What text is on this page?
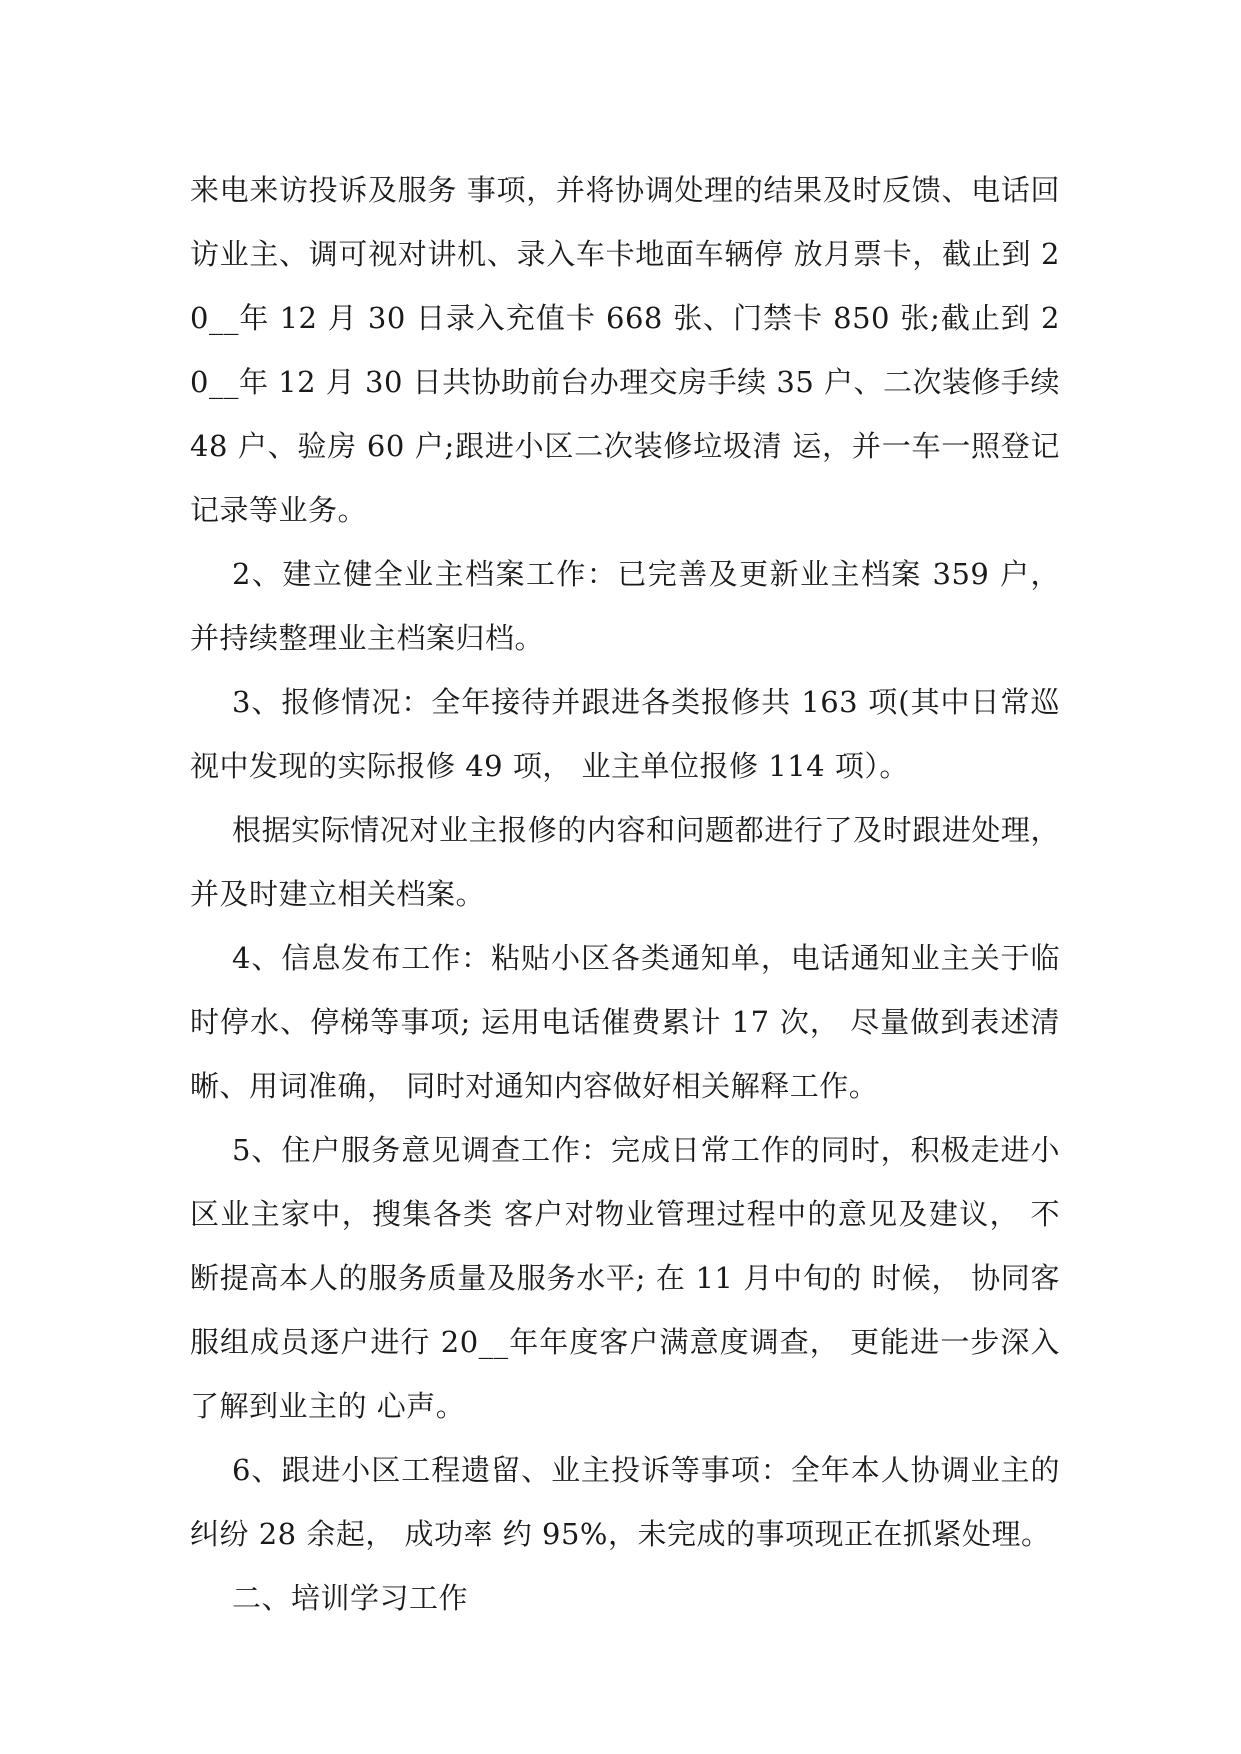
来电来访投诉及服务 事项，并将协调处理的结果及时反馈、电话回访业主、调可视对讲机、录入车卡地面车辆停 放月票卡，截止到 20__年 12 月 30 日录入充值卡 668 张、门禁卡 850 张;截止到 20__年 12 月 30 日共协助前台办理交房手续 35 户、二次装修手续 48 户、验房 60 户;跟进小区二次装修垃圾清 运，并一车一照登记记录等业务。

2、建立健全业主档案工作：已完善及更新业主档案 359 户，并持续整理业主档案归档。

3、报修情况：全年接待并跟进各类报修共 163 项(其中日常巡视中发现的实际报修 49 项， 业主单位报修 114 项）。

根据实际情况对业主报修的内容和问题都进行了及时跟进处理，并及时建立相关档案。

4、信息发布工作：粘贴小区各类通知单，电话通知业主关于临时停水、停梯等事项; 运用电话催费累计 17 次， 尽量做到表述清晰、用词准确， 同时对通知内容做好相关解释工作。

5、住户服务意见调查工作：完成日常工作的同时，积极走进小区业主家中，搜集各类 客户对物业管理过程中的意见及建议， 不断提高本人的服务质量及服务水平; 在 11 月中旬的 时候， 协同客服组成员逐户进行 20__年年度客户满意度调查， 更能进一步深入了解到业主的 心声。

6、跟进小区工程遗留、业主投诉等事项：全年本人协调业主的纠纷 28 余起， 成功率 约 95%，未完成的事项现正在抓紧处理。

二、培训学习工作
